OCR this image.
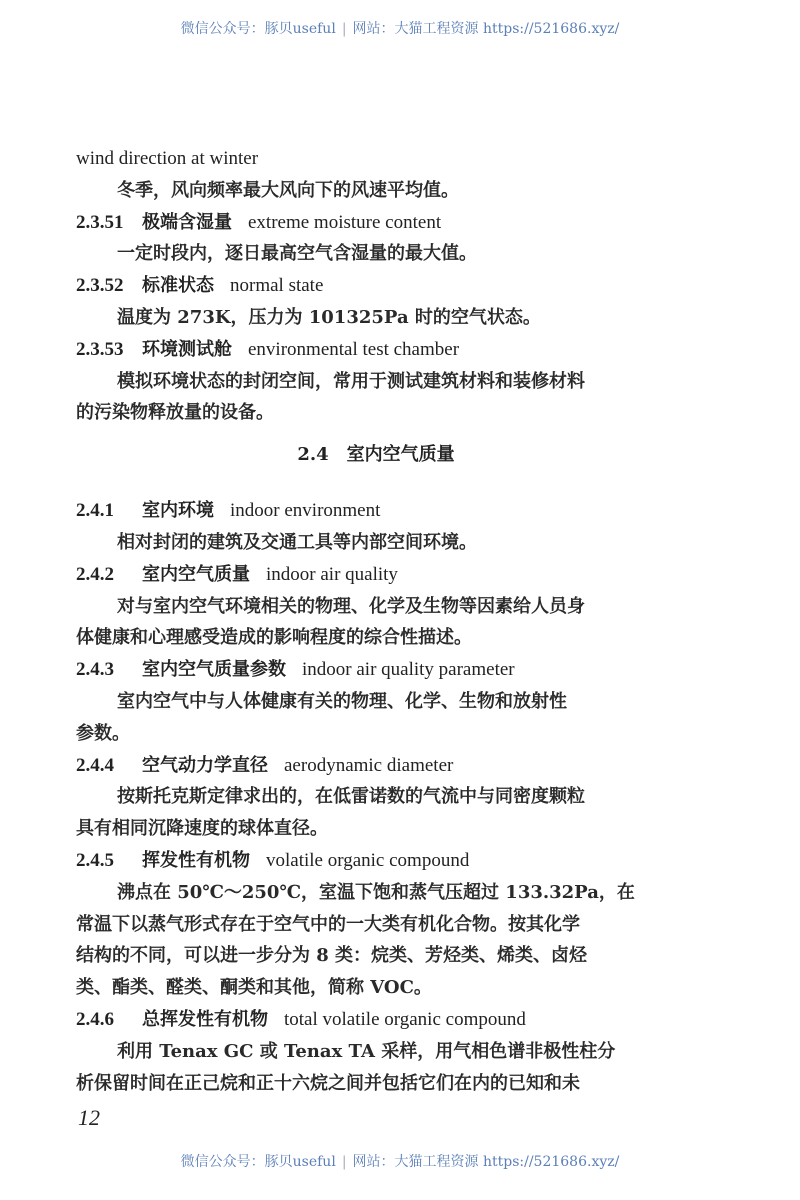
微信公众号：豚贝useful | 网站：大猫工程资源 https://521686.xyz/
wind direction at winter
冬季，风向频率最大风向下的风速平均值。
2.3.51 极端含湿量 extreme moisture content
一定时段内，逐日最高空气含湿量的最大值。
2.3.52 标准状态 normal state
温度为 273K，压力为 101325Pa 时的空气状态。
2.3.53 环境测试舱 environmental test chamber
模拟环境状态的封闭空间，常用于测试建筑材料和装修材料
的污染物释放量的设备。
2.4　室内空气质量
2.4.1 室内环境 indoor environment
相对封闭的建筑及交通工具等内部空间环境。
2.4.2 室内空气质量 indoor air quality
对与室内空气环境相关的物理、化学及生物等因素给人员身
体健康和心理感受造成的影响程度的综合性描述。
2.4.3 室内空气质量参数 indoor air quality parameter
室内空气中与人体健康有关的物理、化学、生物和放射性
参数。
2.4.4 空气动力学直径 aerodynamic diameter
按斯托克斯定律求出的，在低雷诺数的气流中与同密度颗粒
具有相同沉降速度的球体直径。
2.4.5 挥发性有机物 volatile organic compound
沸点在 50℃～250℃，室温下饱和蒸气压超过 133.32Pa，在
常温下以蒸气形式存在于空气中的一大类有机化合物。按其化学
结构的不同，可以进一步分为 8 类：烷类、芳烃类、烯类、卤烃
类、酯类、醛类、酮类和其他，简称 VOC。
2.4.6 总挥发性有机物 total volatile organic compound
利用 Tenax GC 或 Tenax TA 采样，用气相色谱非极性柱分
析保留时间在正己烷和正十六烷之间并包括它们在内的已知和未
12
微信公众号：豚贝useful | 网站：大猫工程资源 https://521686.xyz/
